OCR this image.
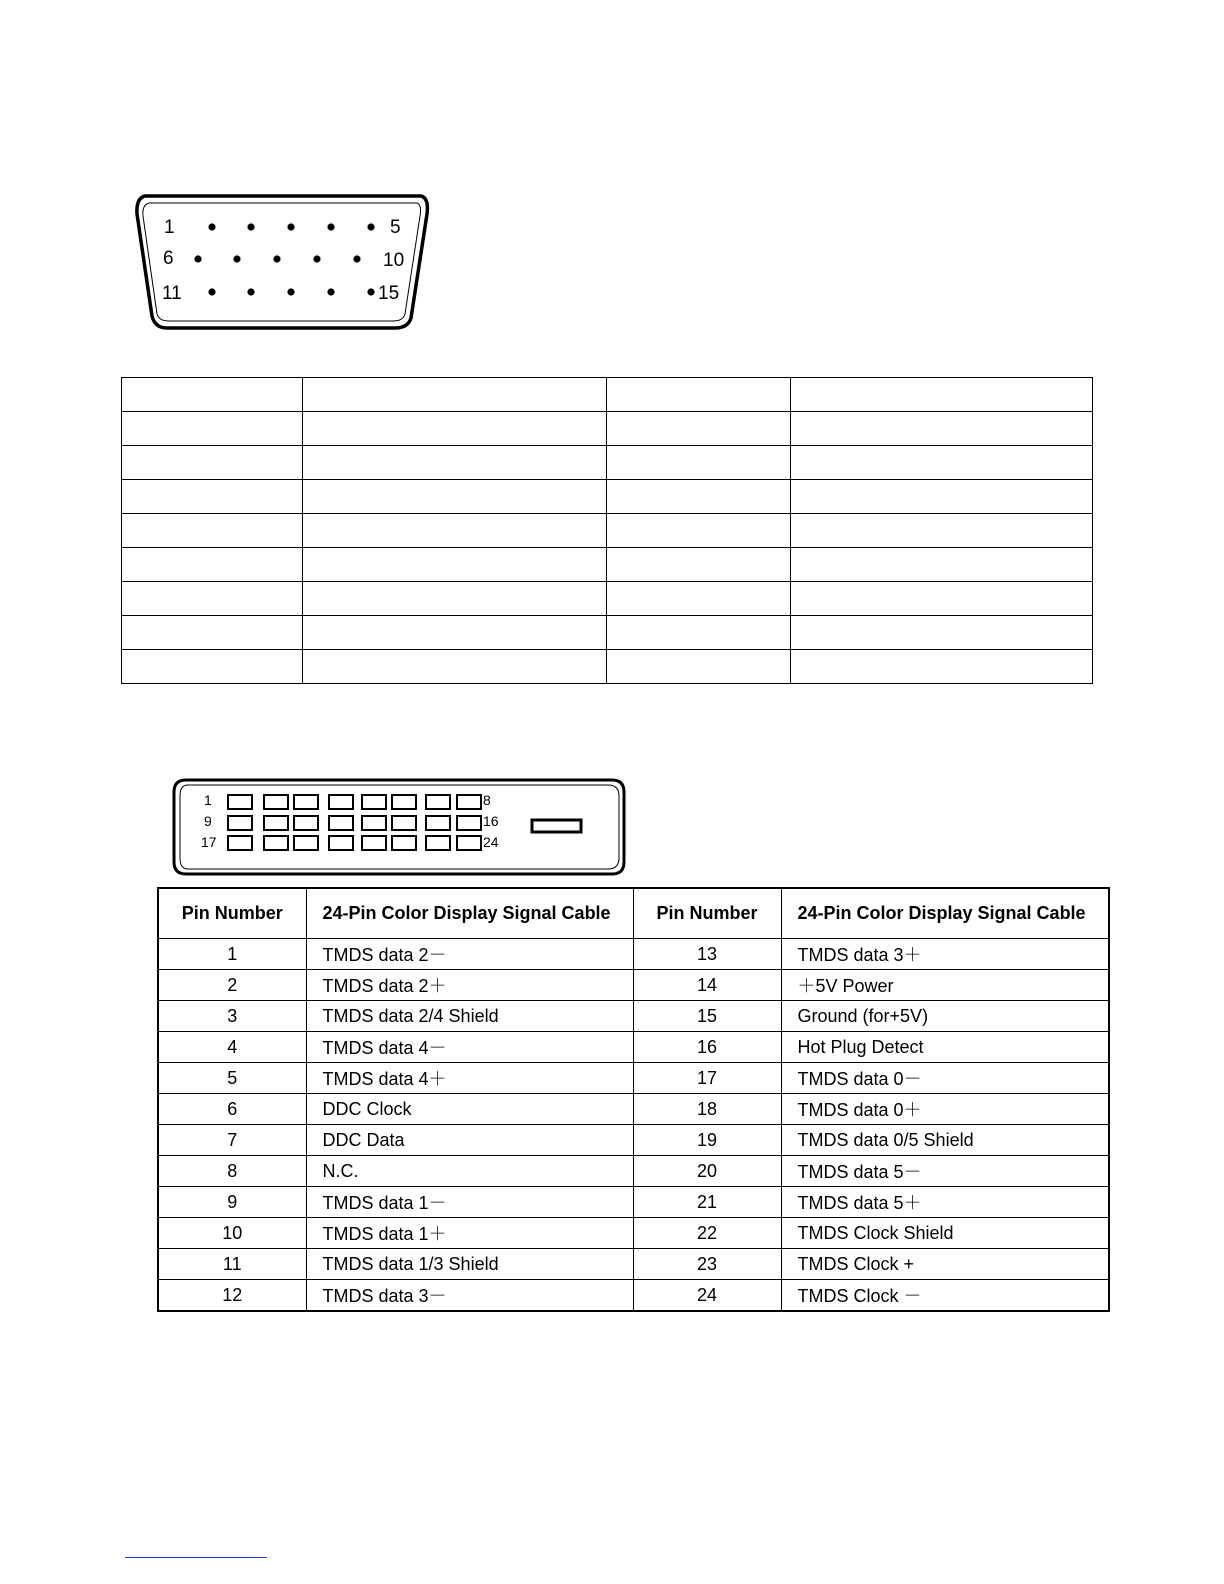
1	5
6	10
11	15

1	8
9	16
17	24
Pin Number	24-Pin Color Display Signal Cable	Pin Number	24-Pin Color Display Signal Cable
1	TMDS data 2－	13	TMDS data 3＋
2	TMDS data 2＋	14	＋5V Power
3	TMDS data 2/4 Shield	15	Ground (for+5V)
4	TMDS data 4－	16	Hot Plug Detect
5	TMDS data 4＋	17	TMDS data 0－
6	DDC Clock	18	TMDS data 0＋
7	DDC Data	19	TMDS data 0/5 Shield
8	N.C.	20	TMDS data 5－
9	TMDS data 1－	21	TMDS data 5＋
10	TMDS data 1＋	22	TMDS Clock Shield
11	TMDS data 1/3 Shield	23	TMDS Clock +
12	TMDS data 3－	24	TMDS Clock －
